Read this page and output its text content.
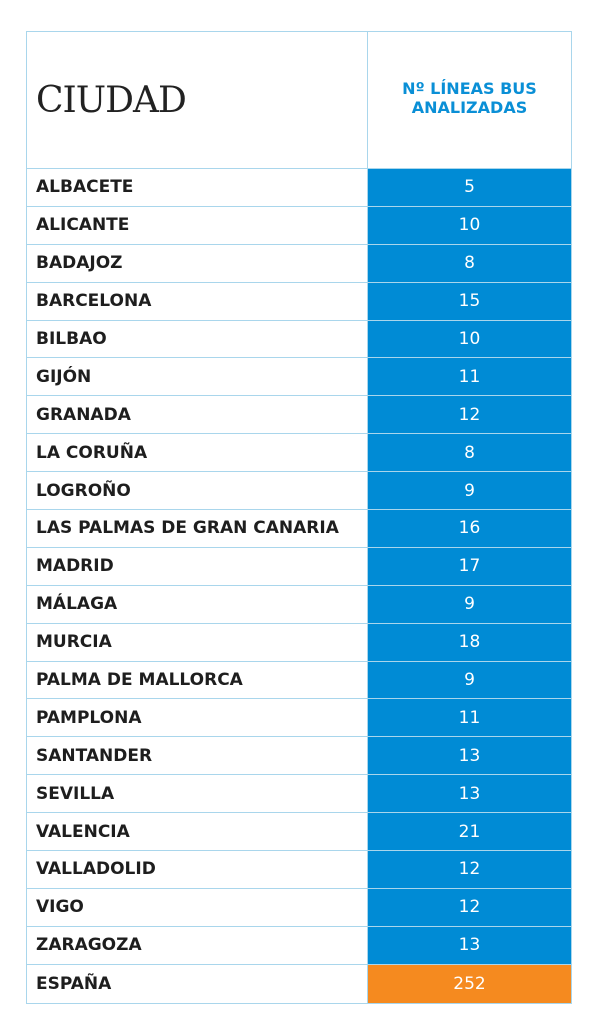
CIUDAD	Nº LÍNEAS BUS
ANALIZADAS
ALBACETE	5
ALICANTE	10
BADAJOZ	8
BARCELONA	15
BILBAO	10
GIJÓN	11
GRANADA	12
LA CORUÑA	8
LOGROÑO	9
LAS PALMAS DE GRAN CANARIA	16
MADRID	17
MÁLAGA	9
MURCIA	18
PALMA DE MALLORCA	9
PAMPLONA	11
SANTANDER	13
SEVILLA	13
VALENCIA	21
VALLADOLID	12
VIGO	12
ZARAGOZA	13
ESPAÑA	252
